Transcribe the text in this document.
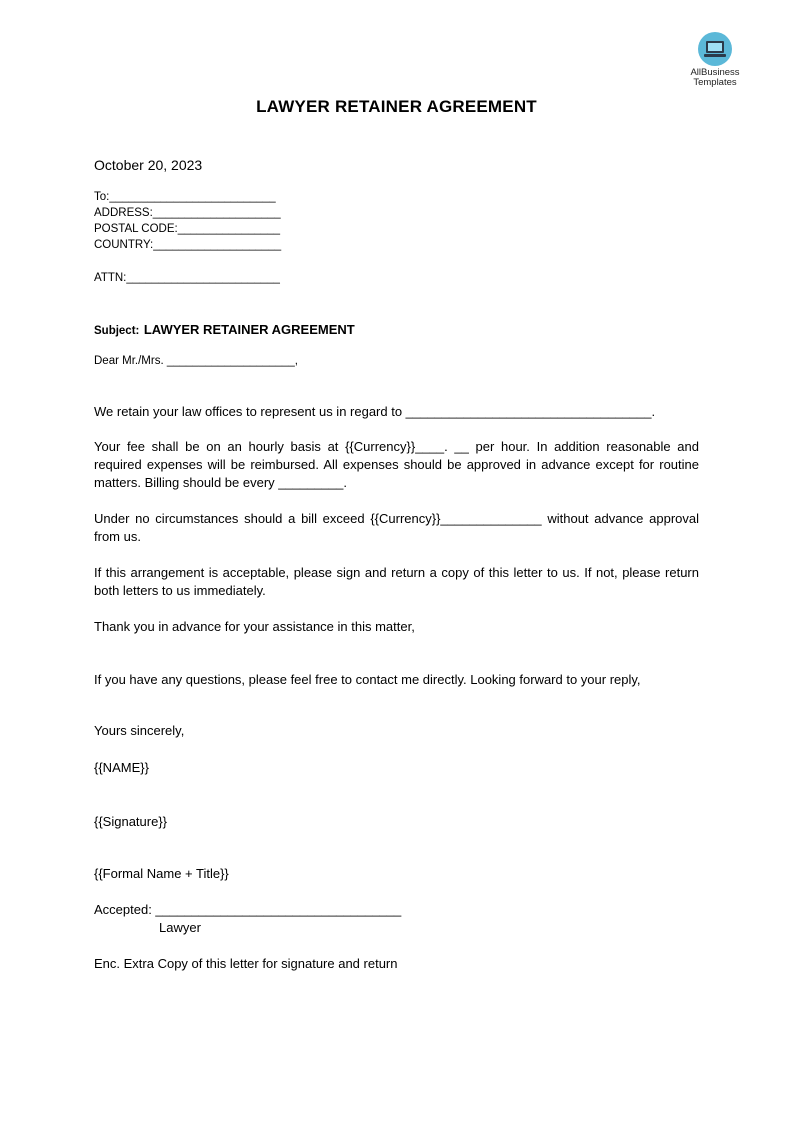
AllBusiness
Templates
LAWYER RETAINER AGREEMENT
October 20, 2023
To:__________________________
ADDRESS:____________________
POSTAL CODE:________________
COUNTRY:____________________
ATTN:________________________
Subject: LAWYER RETAINER AGREEMENT
Dear Mr./Mrs. ____________________,
We retain your law offices to represent us in regard to __________________________________.
Your fee shall be on an hourly basis at {{Currency}}____. __ per hour. In addition reasonable and required expenses will be reimbursed. All expenses should be approved in advance except for routine matters. Billing should be every _________.
Under no circumstances should a bill exceed {{Currency}}______________ without advance approval from us.
If this arrangement is acceptable, please sign and return a copy of this letter to us. If not, please return both letters to us immediately.
Thank you in advance for your assistance in this matter,
If you have any questions, please feel free to contact me directly. Looking forward to your reply,
Yours sincerely,
{{NAME}}
{{Signature}}
{{Formal Name + Title}}
Accepted: __________________________________
Lawyer
Enc. Extra Copy of this letter for signature and return
